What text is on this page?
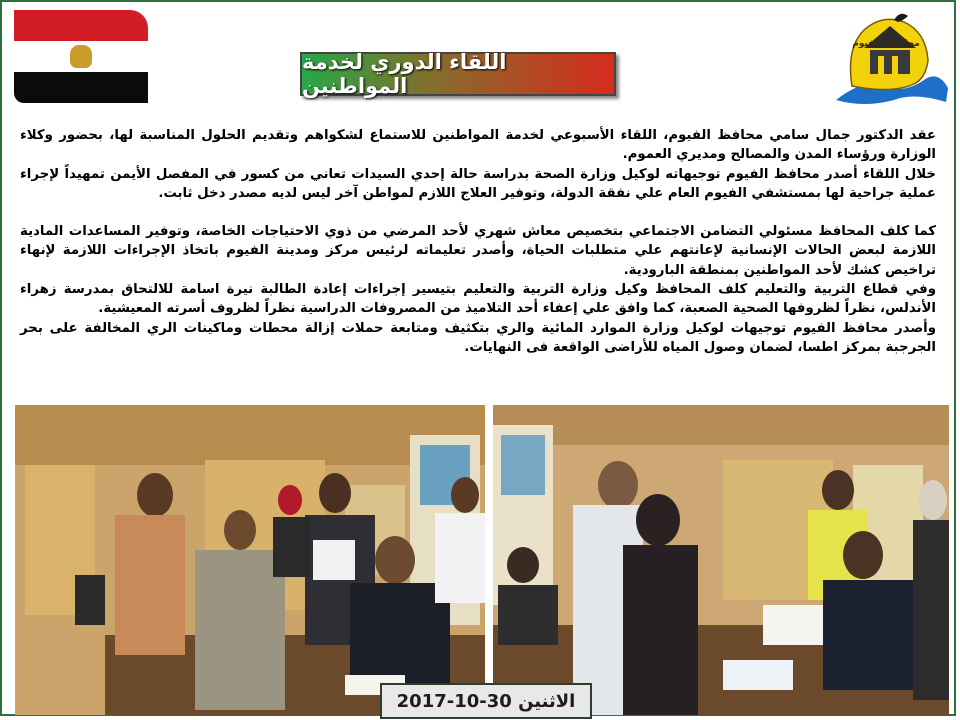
محافظة الفيوم
اللقاء الدوري لخدمة المواطنين

عقد الدكتور جمال سامي محافظ الفيوم، اللقاء الأسبوعي لخدمة المواطنين للاستماع لشكواهم وتقديم الحلول المناسبة لها، بحضور وكلاء الوزارة ورؤساء المدن والمصالح ومديري العموم.

خلال اللقاء أصدر محافظ الفيوم توجيهاته لوكيل وزارة الصحة بدراسة حالة إحدي السيدات تعاني من كسور في المفصل الأيمن تمهيداً لإجراء عملية جراحية لها بمستشفي الفيوم العام علي نفقة الدولة، وتوفير العلاج اللازم لمواطن آخر ليس لديه مصدر دخل ثابت.

كما كلف المحافظ مسئولي التضامن الاجتماعي بتخصيص معاش شهري لأحد المرضي من ذوي الاحتياجات الخاصة، وتوفير المساعدات المادية اللازمة لبعض الحالات الإنسانية لإعانتهم علي متطلبات الحياة، وأصدر تعليماته لرئيس مركز ومدينة الفيوم باتخاذ الإجراءات اللازمة لإنهاء تراخيص كشك لأحد المواطنين بمنطقة البارودية.

وفي قطاع التربية والتعليم كلف المحافظ وكيل وزارة التربية والتعليم بتيسير إجراءات إعادة الطالبة نيرة اسامة للالتحاق بمدرسة زهراء الأندلس، نظراً لظروفها الصحية الصعبة، كما وافق علي إعفاء أحد التلاميذ من المصروفات الدراسية نظراً لظروف أسرته المعيشية.

وأصدر محافظ الفيوم توجيهات لوكيل وزارة الموارد المائية والري بتكثيف ومتابعة حملات إزالة محطات وماكينات الري المخالفة على بحر الجرجبة بمركز اطسا، لضمان وصول المياه للأراضى الواقعة فى النهايات.

الاثنين 30-10-2017
